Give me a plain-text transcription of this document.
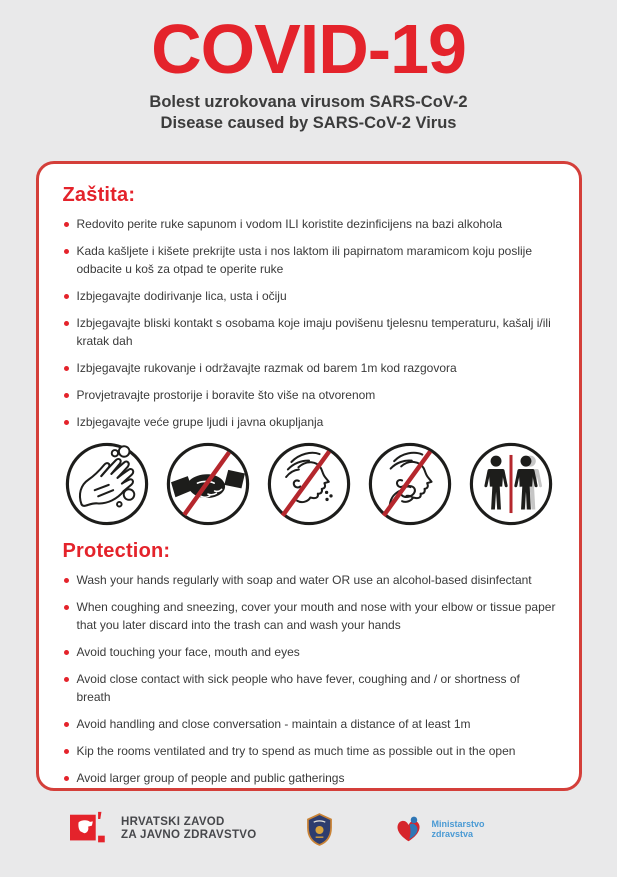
COVID-19
Bolest uzrokovana virusom SARS-CoV-2
Disease caused by SARS-CoV-2 Virus
Zaštita:
Redovito perite ruke sapunom i vodom ILI koristite dezinficijens na bazi alkohola
Kada kašljete i kišete prekrijte usta i nos laktom ili papirnatom maramicom koju poslije odbacite u koš za otpad te operite ruke
Izbjegavajte dodirivanje lica, usta i očiju
Izbjegavajte bliski kontakt s osobama koje imaju povišenu tjelesnu temperaturu, kašalj i/ili kratak dah
Izbjegavajte rukovanje i održavajte razmak od barem 1m kod razgovora
Provjetravajte prostorije i boravite što više na otvorenom
Izbjegavajte veće grupe ljudi i javna okupljanja
Protection:
Wash your hands regularly with soap and water OR use an alcohol-based disinfectant
When coughing and sneezing, cover your mouth and nose with your elbow or tissue paper that you later discard into the trash can and wash your hands
Avoid touching your face, mouth and eyes
Avoid close contact with sick people who have fever, coughing and / or shortness of breath
Avoid handling and close conversation - maintain a distance of at least 1m
Kip the rooms ventilated and try to spend as much time as possible out in the open
Avoid larger group of people and public gatherings
HRVATSKI ZAVOD
ZA JAVNO ZDRAVSTVO
Ministarstvo
zdravstva
